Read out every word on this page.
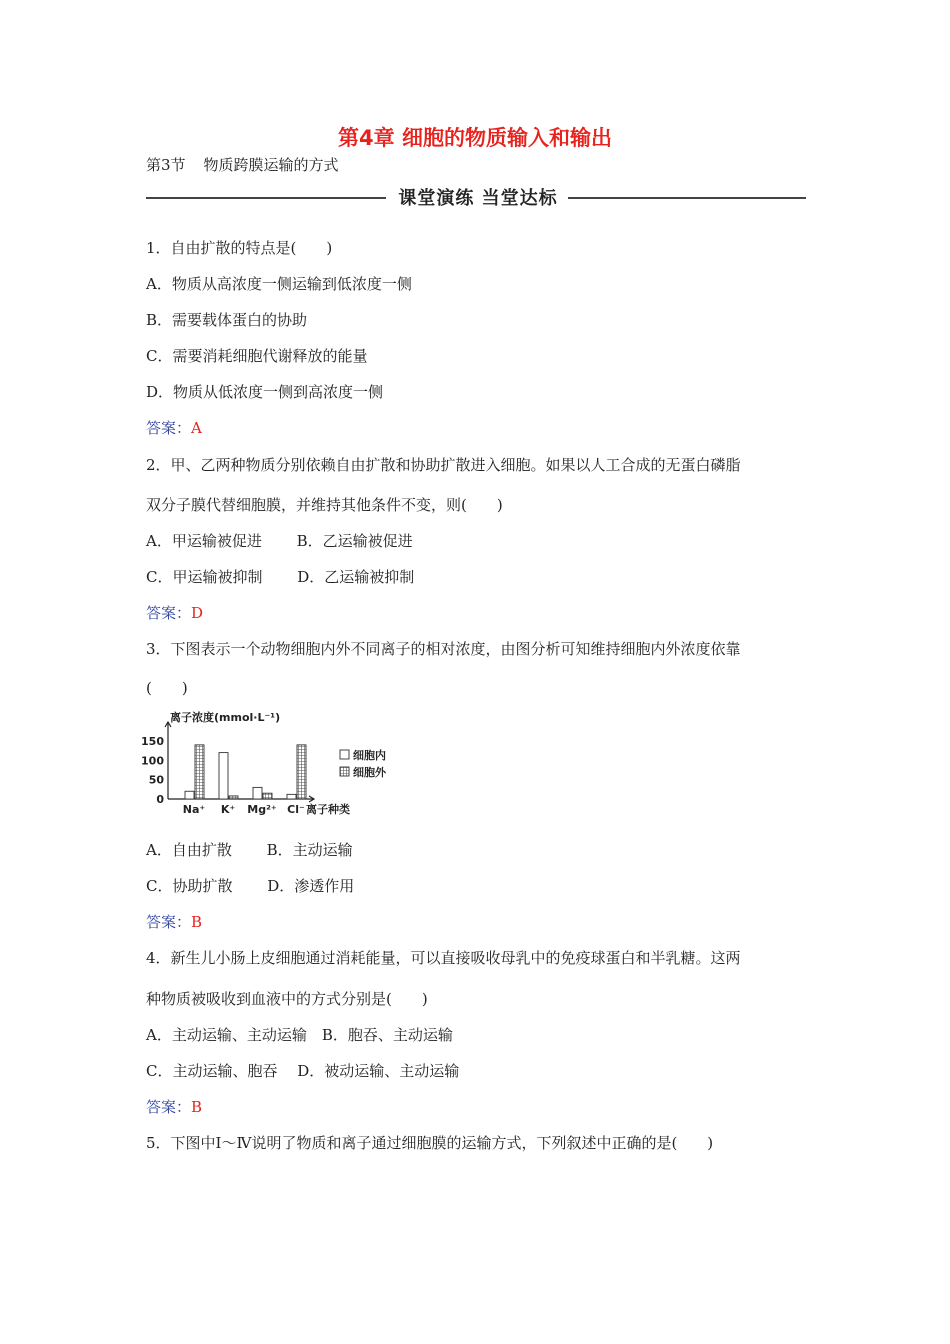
第4章 细胞的物质输入和输出
第3节 物质跨膜运输的方式
课堂演练 当堂达标
1．自由扩散的特点是(　　)
A．物质从高浓度一侧运输到低浓度一侧
B．需要载体蛋白的协助
C．需要消耗细胞代谢释放的能量
D．物质从低浓度一侧到高浓度一侧
答案：A
2．甲、乙两种物质分别依赖自由扩散和协助扩散进入细胞。如果以人工合成的无蛋白磷脂
双分子膜代替细胞膜，并维持其他条件不变，则(　　)
A．甲运输被促进　　 B．乙运输被促进
C．甲运输被抑制　　 D．乙运输被抑制
答案：D
3．下图表示一个动物细胞内外不同离子的相对浓度，由图分析可知维持细胞内外浓度依靠
(　　)
离子浓度(mmol·L⁻¹)
离子种类
0
50
100
150
Na⁺ K⁺ Mg²⁺ Cl⁻
细胞内
细胞外
A．自由扩散　　 B．主动运输
C．协助扩散　　 D．渗透作用
答案：B
4．新生儿小肠上皮细胞通过消耗能量，可以直接吸收母乳中的免疫球蛋白和半乳糖。这两
种物质被吸收到血液中的方式分别是(　　)
A．主动运输、主动运输　B．胞吞、主动运输
C．主动运输、胞吞　 D．被动运输、主动运输
答案：B
5．下图中Ⅰ～Ⅳ说明了物质和离子通过细胞膜的运输方式，下列叙述中正确的是(　　)
